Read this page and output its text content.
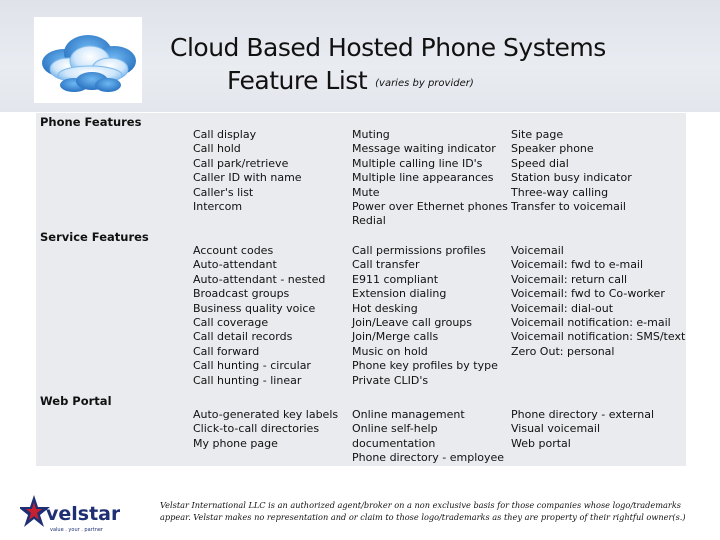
Cloud Based Hosted Phone Systems
Feature List (varies by provider)
Phone Features
Call display
Call hold
Call park/retrieve
Caller ID with name
Caller's list
Intercom
Muting
Message waiting indicator
Multiple calling line ID's
Multiple line appearances
Mute
Power over Ethernet phones
Redial
Site page
Speaker phone
Speed dial
Station busy indicator
Three-way calling
Transfer to voicemail
Service Features
Account codes
Auto-attendant
Auto-attendant - nested
Broadcast groups
Business quality voice
Call coverage
Call detail records
Call forward
Call hunting - circular
Call hunting - linear
Call permissions profiles
Call transfer
E911 compliant
Extension dialing
Hot desking
Join/Leave call groups
Join/Merge calls
Music on hold
Phone key profiles by type
Private CLID's
Voicemail
Voicemail: fwd to e-mail
Voicemail: return call
Voicemail: fwd to Co-worker
Voicemail: dial-out
Voicemail notification: e-mail
Voicemail notification: SMS/text
Zero Out: personal
Web Portal
Auto-generated key labels
Click-to-call directories
My phone page
Online management
Online self-help
documentation
Phone directory - employee
Phone directory - external
Visual voicemail
Web portal
velstar
value . your . partner
Velstar International LLC is an authorized agent/broker on a non exclusive basis for those companies whose logo/trademarks appear. Velstar makes no representation and or claim to those logo/trademarks as they are property of their rightful owner(s.)
